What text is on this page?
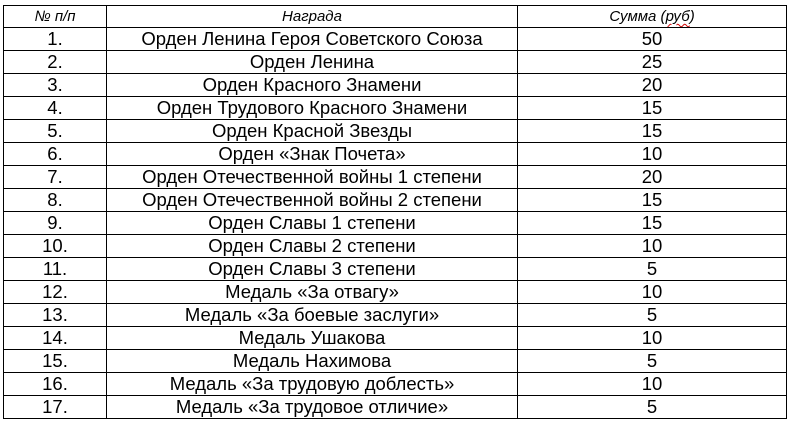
№ п/п	Награда	Сумма (руб)
1.	Орден Ленина Героя Советского Союза	50
2.	Орден Ленина	25
3.	Орден Красного Знамени	20
4.	Орден Трудового Красного Знамени	15
5.	Орден Красной Звезды	15
6.	Орден «Знак Почета»	10
7.	Орден Отечественной войны 1 степени	20
8.	Орден Отечественной войны 2 степени	15
9.	Орден Славы 1 степени	15
10.	Орден Славы 2 степени	10
11.	Орден Славы 3 степени	5
12.	Медаль «За отвагу»	10
13.	Медаль «За боевые заслуги»	5
14.	Медаль Ушакова	10
15.	Медаль Нахимова	5
16.	Медаль «За трудовую доблесть»	10
17.	Медаль «За трудовое отличие»	5
